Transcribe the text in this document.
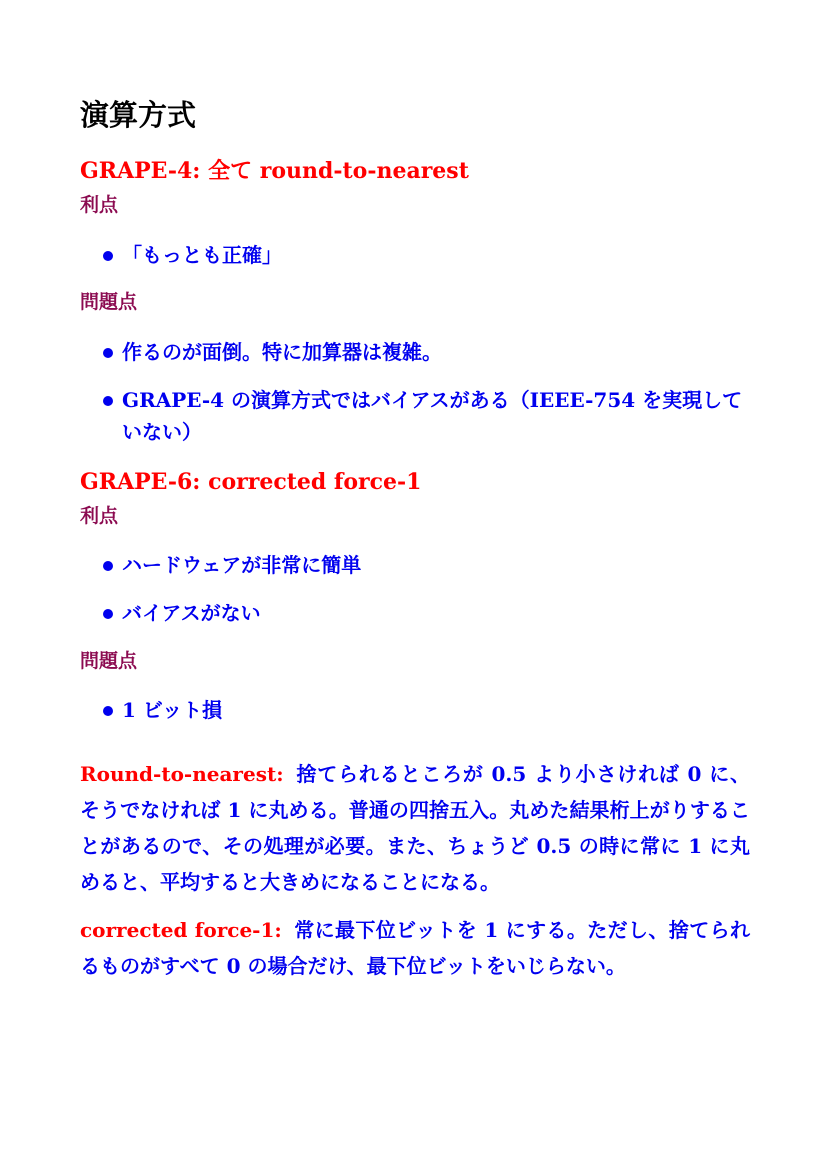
演算方式
GRAPE-4: 全て round-to-nearest
利点
「もっとも正確」
問題点
作るのが面倒。特に加算器は複雑。
GRAPE-4 の演算方式ではバイアスがある（IEEE-754 を実現していない）
GRAPE-6: corrected force-1
利点
ハードウェアが非常に簡単
バイアスがない
問題点
1 ビット損

Round-to-nearest: 捨てられるところが 0.5 より小さければ 0 に、そうでなければ 1 に丸める。普通の四捨五入。丸めた結果桁上がりすることがあるので、その処理が必要。また、ちょうど 0.5 の時に常に 1 に丸めると、平均すると大きめになることになる。

corrected force-1: 常に最下位ビットを 1 にする。ただし、捨てられるものがすべて 0 の場合だけ、最下位ビットをいじらない。
